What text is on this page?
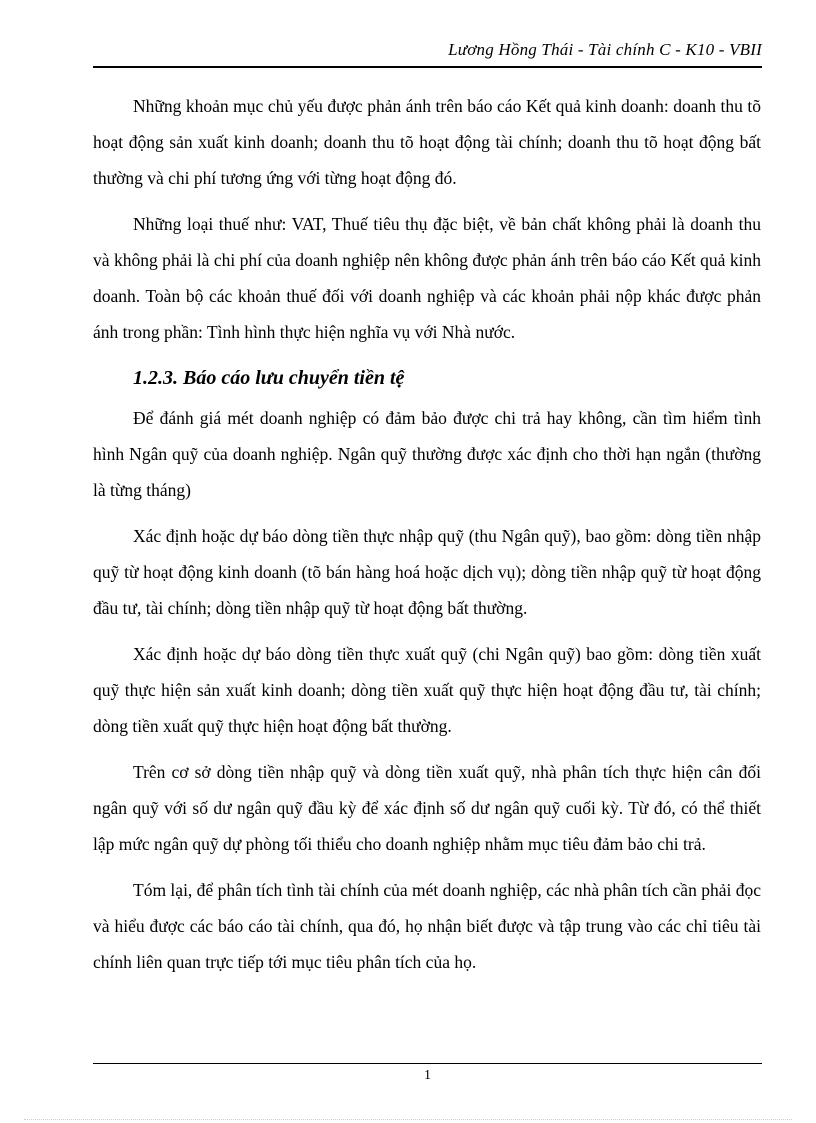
Lương Hồng Thái - Tài chính C - K10 - VBII

Những khoản mục chủ yếu được phản ánh trên báo cáo Kết quả kinh doanh: doanh thu tõ hoạt động sản xuất kinh doanh; doanh thu tõ hoạt động tài chính; doanh thu tõ hoạt động bất thường và chi phí tương ứng với từng hoạt động đó.

Những loại thuế như: VAT, Thuế tiêu thụ đặc biệt, về bản chất không phải là doanh thu và không phải là chi phí của doanh nghiệp nên không được phản ánh trên báo cáo Kết quả kinh doanh. Toàn bộ các khoản thuế đối với doanh nghiệp và các khoản phải nộp khác được phản ánh trong phần: Tình hình thực hiện nghĩa vụ với Nhà nước.

1.2.3. Báo cáo lưu chuyển tiền tệ

Để đánh giá mét doanh nghiệp có đảm bảo được chi trả hay không, cần tìm hiểm tình hình Ngân quỹ của doanh nghiệp. Ngân quỹ thường được xác định cho thời hạn ngắn (thường là từng tháng)

Xác định hoặc dự báo dòng tiền thực nhập quỹ (thu Ngân quỹ), bao gồm: dòng tiền nhập quỹ từ hoạt động kinh doanh (tõ bán hàng hoá hoặc dịch vụ); dòng tiền nhập quỹ từ hoạt động đầu tư, tài chính; dòng tiền nhập quỹ từ hoạt động bất thường.

Xác định hoặc dự báo dòng tiền thực xuất quỹ (chi Ngân quỹ) bao gồm: dòng tiền xuất quỹ thực hiện sản xuất kinh doanh; dòng tiền xuất quỹ thực hiện hoạt động đầu tư, tài chính; dòng tiền xuất quỹ thực hiện hoạt động bất thường.

Trên cơ sở dòng tiền nhập quỹ và dòng tiền xuất quỹ, nhà phân tích thực hiện cân đối ngân quỹ với số dư ngân quỹ đầu kỳ để xác định số dư ngân quỹ cuối kỳ. Từ đó, có thể thiết lập mức ngân quỹ dự phòng tối thiểu cho doanh nghiệp nhằm mục tiêu đảm bảo chi trả.

Tóm lại, để phân tích tình tài chính của mét doanh nghiệp, các nhà phân tích cần phải đọc và hiểu được các báo cáo tài chính, qua đó, họ nhận biết được và tập trung vào các chỉ tiêu tài chính liên quan trực tiếp tới mục tiêu phân tích của họ.

1
